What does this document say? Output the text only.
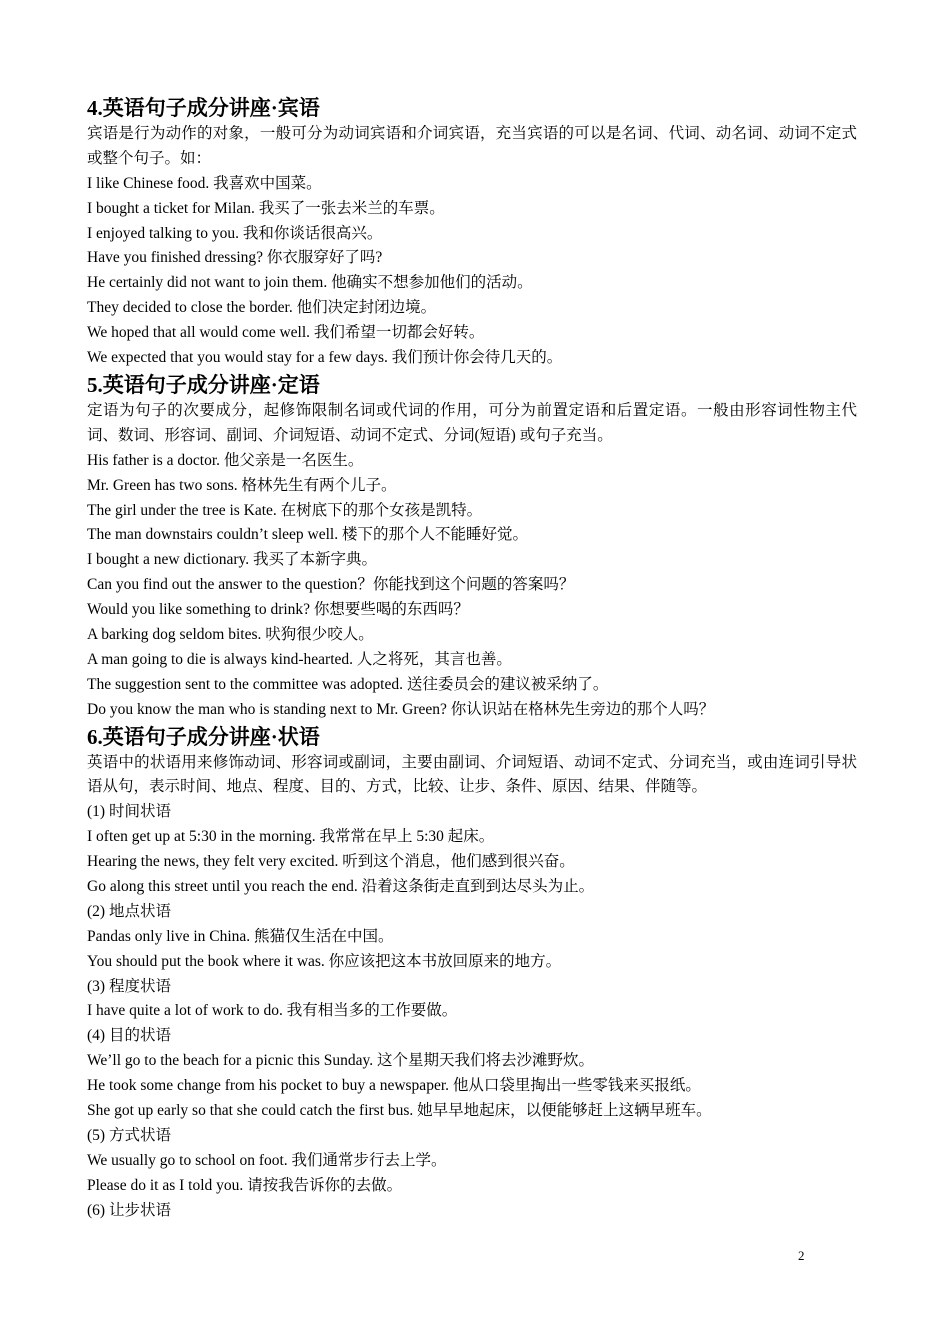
4.英语句子成分讲座·宾语
宾语是行为动作的对象，一般可分为动词宾语和介词宾语，充当宾语的可以是名词、代词、动名词、动词不定式或整个句子。如：
I like Chinese food. 我喜欢中国菜。
I bought a ticket for Milan. 我买了一张去米兰的车票。
I enjoyed talking to you. 我和你谈话很高兴。
Have you finished dressing? 你衣服穿好了吗?
He certainly did not want to join them. 他确实不想参加他们的活动。
They decided to close the border. 他们决定封闭边境。
We hoped that all would come well. 我们希望一切都会好转。
We expected that you would stay for a few days. 我们预计你会待几天的。
5.英语句子成分讲座·定语
定语为句子的次要成分，起修饰限制名词或代词的作用，可分为前置定语和后置定语。一般由形容词性物主代词、数词、形容词、副词、介词短语、动词不定式、分词(短语) 或句子充当。
His father is a doctor. 他父亲是一名医生。
Mr. Green has two sons. 格林先生有两个儿子。
The girl under the tree is Kate. 在树底下的那个女孩是凯特。
The man downstairs couldn’t sleep well. 楼下的那个人不能睡好觉。
I bought a new dictionary. 我买了本新字典。
Can you find out the answer to the question？你能找到这个问题的答案吗？
Would you like something to drink? 你想要些喝的东西吗？
A barking dog seldom bites. 吠狗很少咬人。
A man going to die is always kind-hearted. 人之将死，其言也善。
The suggestion sent to the committee was adopted. 送往委员会的建议被采纳了。
Do you know the man who is standing next to Mr. Green? 你认识站在格林先生旁边的那个人吗？
6.英语句子成分讲座·状语
英语中的状语用来修饰动词、形容词或副词，主要由副词、介词短语、动词不定式、分词充当，或由连词引导状语从句，表示时间、地点、程度、目的、方式，比较、让步、条件、原因、结果、伴随等。
(1) 时间状语
I often get up at 5:30 in the morning. 我常常在早上 5:30 起床。
Hearing the news, they felt very excited. 听到这个消息，他们感到很兴奋。
Go along this street until you reach the end. 沿着这条街走直到到达尽头为止。
(2) 地点状语
Pandas only live in China. 熊猫仅生活在中国。
You should put the book where it was. 你应该把这本书放回原来的地方。
(3) 程度状语
I have quite a lot of work to do. 我有相当多的工作要做。
(4) 目的状语
We’ll go to the beach for a picnic this Sunday. 这个星期天我们将去沙滩野炊。
He took some change from his pocket to buy a newspaper. 他从口袋里掏出一些零钱来买报纸。
She got up early so that she could catch the first bus. 她早早地起床，以便能够赶上这辆早班车。
(5) 方式状语
We usually go to school on foot. 我们通常步行去上学。
Please do it as I told you. 请按我告诉你的去做。
(6) 让步状语
2
